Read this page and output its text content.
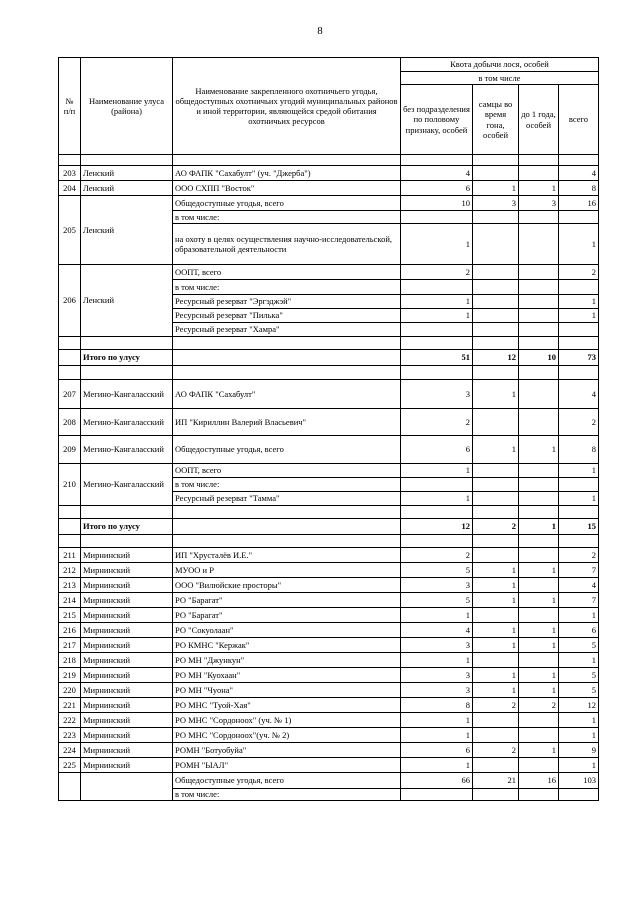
8
№ п/п	Наименование улуса (района)	Наименование закрепленного охотничьего угодья, общедоступных охотничьих угодий муниципальных районов и иной территории, являющейся средой обитания охотничьих ресурсов	Квота добычи лося, особей			
			в том числе			
			без подразделения по половому признаку, особей	самцы во время гона, особей	до 1 года, особей	всего

203	Ленский	АО ФАПК "Сахабулт" (уч. "Джерба")	4			4
204	Ленский	ООО СХПП "Восток"	6	1	1	8
205	Ленский	Общедоступные угодья, всего	10	3	3	16
		в том числе:				
		на охоту в целях осуществления научно-исследовательской, образовательной деятельности	1			1
206	Ленский	ООПТ, всего	2			2
		в том числе:				
		Ресурсный резерват "Эргэджэй"	1			1
		Ресурсный резерват "Пилька"	1			1
		Ресурсный резерват "Хамра"				

	Итого по улусу		51	12	10	73

207	Мегино-Кангаласский	АО ФАПК "Сахабулт"	3	1		4
208	Мегино-Кангаласский	ИП "Кириллин Валерий Власьевич"	2			2
209	Мегино-Кангаласский	Общедоступные угодья, всего	6	1	1	8
210	Мегино-Кангаласский	ООПТ, всего	1			1
		в том числе:				
		Ресурсный резерват "Тамма"	1			1

	Итого по улусу		12	2	1	15

211	Мирнинский	ИП "Хрусталёв И.Е."	2			2
212	Мирнинский	МУОО и Р	5	1	1	7
213	Мирнинский	ООО "Вилюйские просторы"	3	1		4
214	Мирнинский	РО "Барагат"	5	1	1	7
215	Мирнинский	РО "Барагат"	1			1
216	Мирнинский	РО "Сокуолаан"	4	1	1	6
217	Мирнинский	РО КМНС "Кержак"	3	1	1	5
218	Мирнинский	РО МН "Джункун"	1			1
219	Мирнинский	РО МН "Куохаан"	3	1	1	5
220	Мирнинский	РО МН "Чуона"	3	1	1	5
221	Мирнинский	РО МНС "Туой-Хая"	8	2	2	12
222	Мирнинский	РО МНС "Сордоноох" (уч. № 1)	1			1
223	Мирнинский	РО МНС "Сордоноох"(уч. № 2)	1			1
224	Мирнинский	РОМН "Ботуобуйа"	6	2	1	9
225	Мирнинский	РОМН "ЫАЛ"	1			1
		Общедоступные угодья, всего	66	21	16	103
		в том числе:				
